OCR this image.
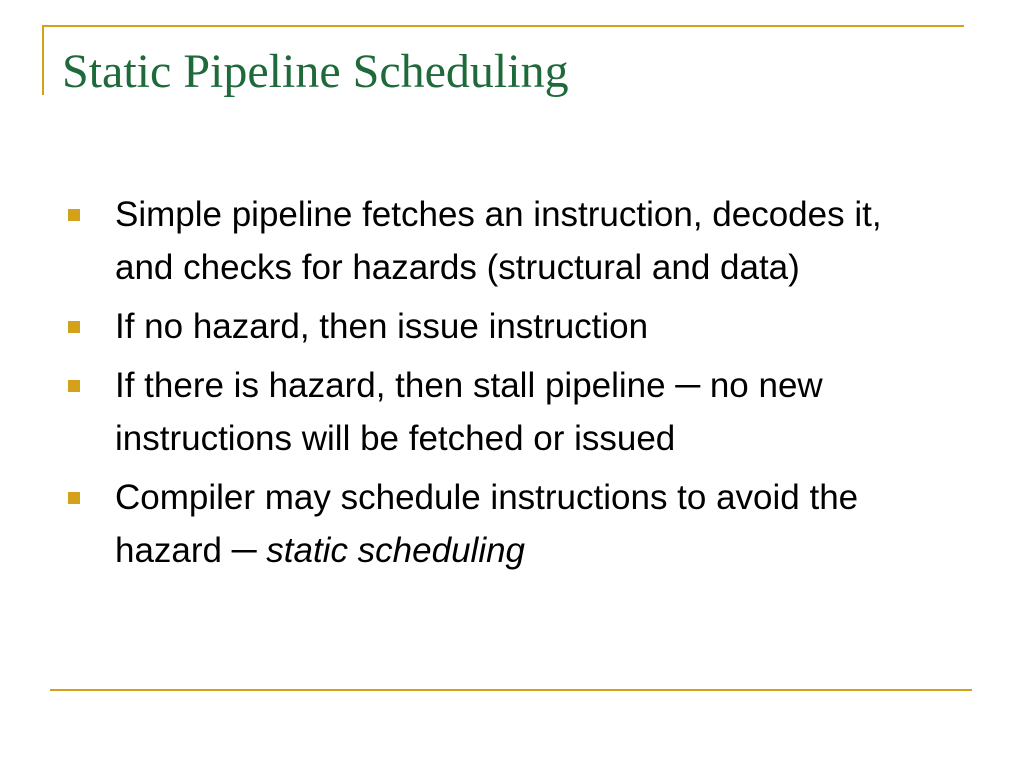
Static Pipeline Scheduling
Simple pipeline fetches an instruction, decodes it, and checks for hazards (structural and data)
If no hazard, then issue instruction
If there is hazard, then stall pipeline ─ no new instructions will be fetched or issued
Compiler may schedule instructions to avoid the hazard ─ static scheduling
